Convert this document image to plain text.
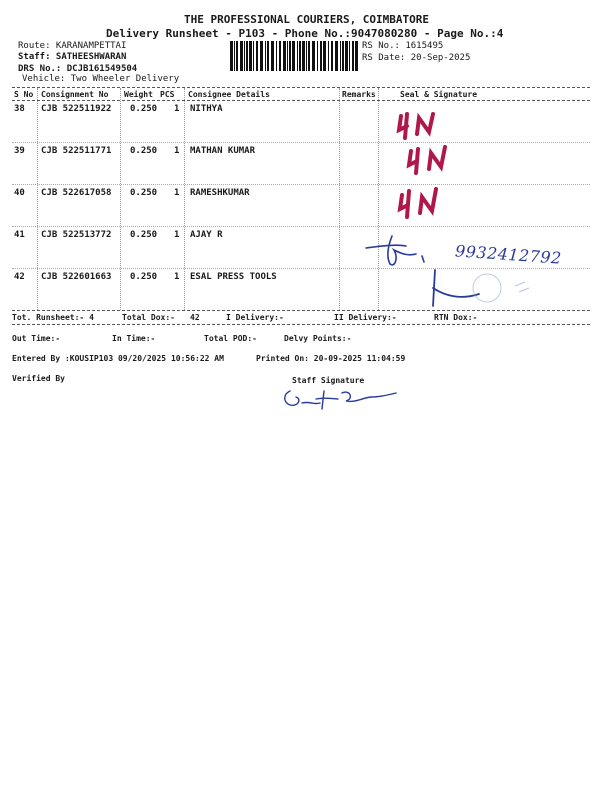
THE PROFESSIONAL COURIERS, COIMBATORE
Delivery Runsheet - P103 - Phone No.:9047080280 - Page No.:4
Route: KARANAMPETTAI
Staff: SATHEESHWARAN
DRS No.: DCJB161549504
Vehicle: Two Wheeler Delivery
RS No.: 1615495
RS Date: 20-Sep-2025
S No Consignment No Weight PCS Consignee Details	Remarks	Seal & Signature
38 CJB 522511922 0.250 1 NITHYA
39 CJB 522511771 0.250 1 MATHAN KUMAR
40 CJB 522617058 0.250 1 RAMESHKUMAR
41 CJB 522513772 0.250 1 AJAY R
42 CJB 522601663 0.250 1 ESAL PRESS TOOLS
9932412792
Tot. Runsheet:- 4	Total Dox:- 42	I Delivery:-	II Delivery:-	RTN Dox:-
Out Time:-	In Time:-	Total POD:-	Delvy Points:-
Entered By :KOUSIP103 09/20/2025 10:56:22 AM	Printed On: 20-09-2025 11:04:59
Verified By	Staff Signature
